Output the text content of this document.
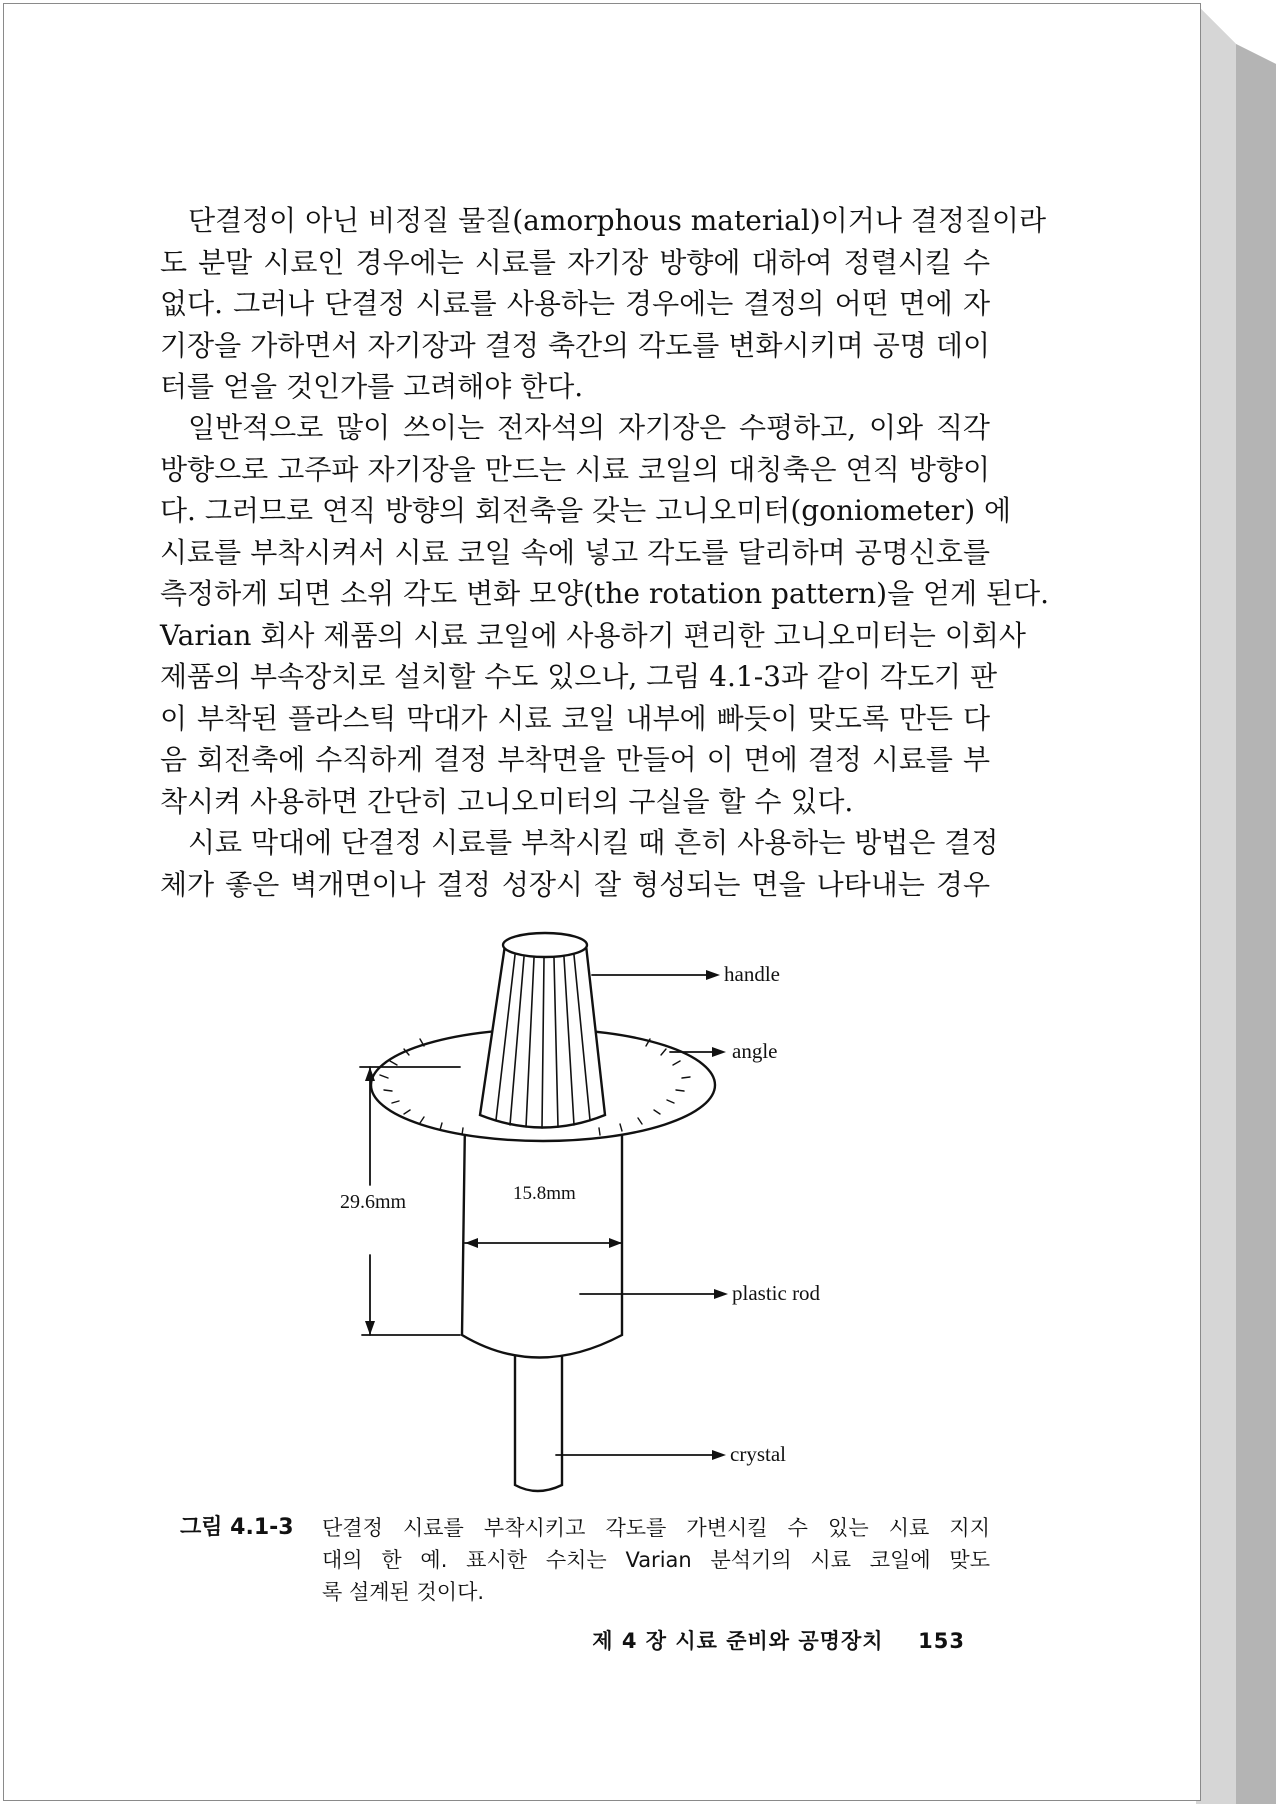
단결정이 아닌 비정질 물질(amorphous material)이거나 결정질이라
도 분말 시료인 경우에는 시료를 자기장 방향에 대하여 정렬시킬 수
없다. 그러나 단결정 시료를 사용하는 경우에는 결정의 어떤 면에 자
기장을 가하면서 자기장과 결정 축간의 각도를 변화시키며 공명 데이
터를 얻을 것인가를 고려해야 한다.
일반적으로 많이 쓰이는 전자석의 자기장은 수평하고, 이와 직각
방향으로 고주파 자기장을 만드는 시료 코일의 대칭축은 연직 방향이
다. 그러므로 연직 방향의 회전축을 갖는 고니오미터(goniometer) 에
시료를 부착시켜서 시료 코일 속에 넣고 각도를 달리하며 공명신호를
측정하게 되면 소위 각도 변화 모양(the rotation pattern)을 얻게 된다.
Varian 회사 제품의 시료 코일에 사용하기 편리한 고니오미터는 이회사
제품의 부속장치로 설치할 수도 있으나, 그림 4.1-3과 같이 각도기 판
이 부착된 플라스틱 막대가 시료 코일 내부에 빠듯이 맞도록 만든 다
음 회전축에 수직하게 결정 부착면을 만들어 이 면에 결정 시료를 부
착시켜 사용하면 간단히 고니오미터의 구실을 할 수 있다.
시료 막대에 단결정 시료를 부착시킬 때 흔히 사용하는 방법은 결정
체가 좋은 벽개면이나 결정 성장시 잘 형성되는 면을 나타내는 경우
handle
angle
plastic rod
crystal
29.6mm	15.8mm
그림 4.1-3 단결정 시료를 부착시키고 각도를 가변시킬 수 있는 시료 지지
대의 한 예. 표시한 수치는 Varian 분석기의 시료 코일에 맞도
록 설계된 것이다.
제 4 장 시료 준비와 공명장치 153
